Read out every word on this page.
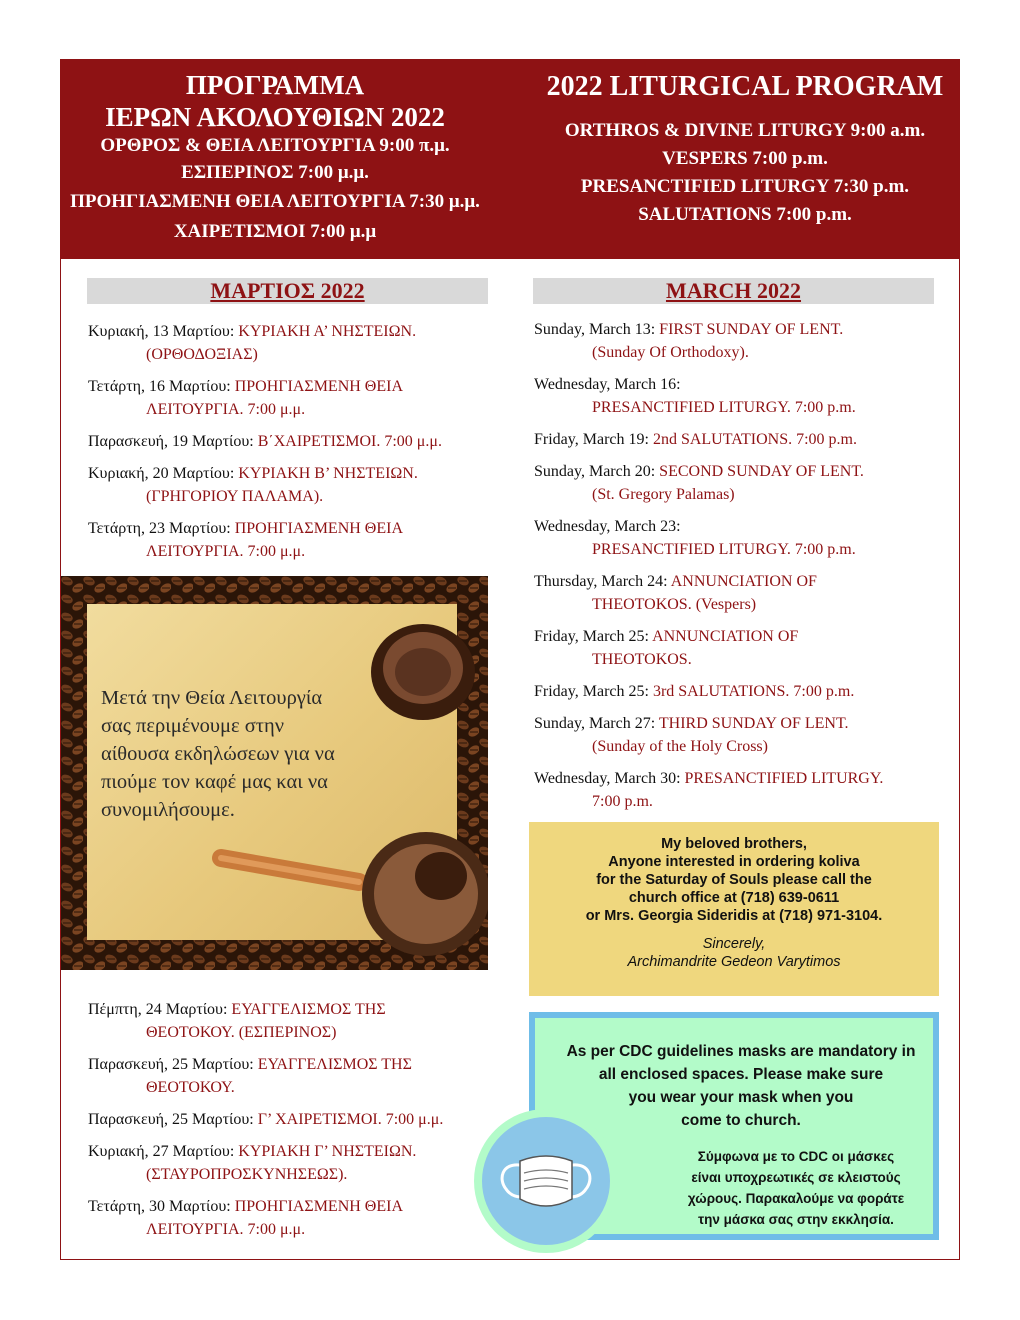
ΠΡΟΓΡΑΜΜΑ
ΙΕΡΩΝ ΑΚΟΛΟΥΘΙΩΝ 2022
ΟΡΘΡΟΣ & ΘΕΙΑ ΛΕΙΤΟΥΡΓΙΑ 9:00 π.μ.
ΕΣΠΕΡΙΝΟΣ 7:00 μ.μ.
ΠΡΟΗΓΙΑΣΜΕΝΗ ΘΕΙΑ ΛΕΙΤΟΥΡΓΙΑ 7:30 μ.μ.
ΧΑΙΡΕΤΙΣΜΟΙ 7:00 μ.μ
2022 LITURGICAL PROGRAM
ORTHROS & DIVINE LITURGY 9:00 a.m.
VESPERS 7:00 p.m.
PRESANCTIFIED LITURGY 7:30 p.m.
SALUTATIONS 7:00 p.m.
ΜΑΡΤΙΟΣ 2022	MARCH 2022
Κυριακή, 13 Μαρτίου: ΚΥΡΙΑΚΗ Α’ ΝΗΣΤΕΙΩΝ.
(ΟΡΘΟΔΟΞΙΑΣ)
Τετάρτη, 16 Μαρτίου: ΠΡΟΗΓΙΑΣΜΕΝΗ ΘΕΙΑ
ΛΕΙΤΟΥΡΓΙΑ. 7:00 μ.μ.
Παρασκευή, 19 Μαρτίου: Β΄ΧΑΙΡΕΤΙΣΜΟΙ. 7:00 μ.μ.
Κυριακή, 20 Μαρτίου: ΚΥΡΙΑΚΗ Β’ ΝΗΣΤΕΙΩΝ.
(ΓΡΗΓΟΡΙΟΥ ΠΑΛΑΜΑ).
Τετάρτη, 23 Μαρτίου: ΠΡΟΗΓΙΑΣΜΕΝΗ ΘΕΙΑ
ΛΕΙΤΟΥΡΓΙΑ. 7:00 μ.μ.
Sunday, March 13: FIRST SUNDAY OF LENT.
(Sunday Of Orthodoxy).
Wednesday, March 16:
PRESANCTIFIED LITURGY. 7:00 p.m.
Friday, March 19: 2nd SALUTATIONS. 7:00 p.m.
Sunday, March 20: SECOND SUNDAY OF LENT.
(St. Gregory Palamas)
Wednesday, March 23:
PRESANCTIFIED LITURGY. 7:00 p.m.
Thursday, March 24: ANNUNCIATION OF
THEOTOKOS. (Vespers)
Friday, March 25: ANNUNCIATION OF
THEOTOKOS.
Friday, March 25: 3rd SALUTATIONS. 7:00 p.m.
Sunday, March 27: THIRD SUNDAY OF LENT.
(Sunday of the Holy Cross)
Wednesday, March 30: PRESANCTIFIED LITURGY.
7:00 p.m.
Μετά την Θεία Λειτουργία
σας περιμένουμε στην
αίθουσα εκδηλώσεων για να
πιούμε τον καφέ μας και να
συνομιλήσουμε.
Πέμπτη, 24 Μαρτίου: ΕΥΑΓΓΕΛΙΣΜΟΣ ΤΗΣ
ΘΕΟΤΟΚΟΥ. (ΕΣΠΕΡΙΝΟΣ)
Παρασκευή, 25 Μαρτίου: ΕΥΑΓΓΕΛΙΣΜΟΣ ΤΗΣ
ΘΕΟΤΟΚΟΥ.
Παρασκευή, 25 Μαρτίου: Γ’ ΧΑΙΡΕΤΙΣΜΟΙ. 7:00 μ.μ.
Κυριακή, 27 Μαρτίου: ΚΥΡΙΑΚΗ Γ’ ΝΗΣΤΕΙΩΝ.
(ΣΤΑΥΡΟΠΡΟΣΚΥΝΗΣΕΩΣ).
Τετάρτη, 30 Μαρτίου: ΠΡΟΗΓΙΑΣΜΕΝΗ ΘΕΙΑ
ΛΕΙΤΟΥΡΓΙΑ. 7:00 μ.μ.
My beloved brothers,
Anyone interested in ordering koliva
for the Saturday of Souls please call the
church office at (718) 639-0611
or Mrs. Georgia Sideridis at (718) 971-3104.
Sincerely,
Archimandrite Gedeon Varytimos
As per CDC guidelines masks are mandatory in
all enclosed spaces. Please make sure
you wear your mask when you
come to church.
Σύμφωνα με το CDC οι μάσκες
είναι υποχρεωτικές σε κλειστούς
χώρους. Παρακαλούμε να φοράτε
την μάσκα σας στην εκκλησία.
